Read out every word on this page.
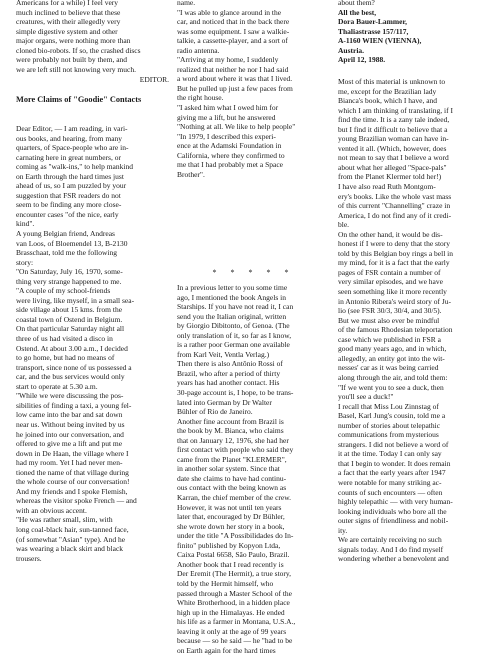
Americans for a while) I feel very
much inclined to believe that these
creatures, with their allegedly very
simple digestive system and other
major organs, were nothing more than
cloned bio-robots. If so, the crashed discs
were probably not built by them, and
we are left still not knowing very much.
EDITOR.
More Claims of "Goodie" Contacts
Dear Editor, — I am reading, in vari-
ous books, and hearing, from many
quarters, of Space-people who are in-
carnating here in great numbers, or
coming as "walk-ins," to help mankind
on Earth through the hard times just
ahead of us, so I am puzzled by your
suggestion that FSR readers do not
seem to be finding any more close-
encounter cases "of the nice, early
kind".
A young Belgian friend, Andreas
van Loos, of Bloemendel 13, B-2130
Brasschaat, told me the following
story:
"On Saturday, July 16, 1970, some-
thing very strange happened to me.
"A couple of my school-friends
were living, like myself, in a small sea-
side village about 15 kms. from the
coastal town of Ostend in Belgium.
On that particular Saturday night all
three of us had visited a disco in
Ostend. At about 3.00 a.m., I decided
to go home, but had no means of
transport, since none of us possessed a
car, and the bus services would only
start to operate at 5.30 a.m.
"While we were discussing the pos-
sibilities of finding a taxi, a young fel-
low came into the bar and sat down
near us. Without being invited by us
he joined into our conversation, and
offered to give me a lift and put me
down in De Haan, the village where I
had my room. Yet I had never men-
tioned the name of that village during
the whole course of our conversation!
And my friends and I spoke Flemish,
whereas the visitor spoke French — and
with an obvious accent.
"He was rather small, slim, with
long coal-black hair, sun-tanned face,
(of somewhat "Asian" type). And he
was wearing a black skirt and black
trousers.
name.
"I was able to glance around in the
car, and noticed that in the back there
was some equipment. I saw a walkie-
talkie, a cassette-player, and a sort of
radio antenna.
"Arriving at my home, I suddenly
realized that neither he nor I had said
a word about where it was that I lived.
But he pulled up just a few paces from
the right house.
"I asked him what I owed him for
giving me a lift, but he answered
"Nothing at all. We like to help people"
"In 1979, I described this experi-
ence at the Adamski Foundation in
California, where they confirmed to
me that I had probably met a Space
Brother".
* * * * *
In a previous letter to you some time
ago, I mentioned the book Angels in
Starships. If you have not read it, I can
send you the Italian original, written
by Giorgio Dibitonto, of Genoa. (The
only translation of it, so far as I know,
is a rather poor German one available
from Karl Veit, Ventla Verlag.)
Then there is also Antônio Rossi of
Brazil, who after a period of thirty
years has had another contact. His
30-page account is, I hope, to be trans-
lated into German by Dr Walter
Bühler of Rio de Janeiro.
Another fine account from Brazil is
the book by M. Bianca, who claims
that on January 12, 1976, she had her
first contact with people who said they
came from the Planet "KLERMER",
in another solar system. Since that
date she claims to have had continu-
ous contact with the being known as
Karran, the chief member of the crew.
However, it was not until ten years
later that, encouraged by Dr Bühler,
she wrote down her story in a book,
under the title "A Possibilidades do In-
finito" published by Kopyon Ltda,
Caixa Postal 6658, São Paulo, Brazil.
Another book that I read recently is
Der Eremit (The Hermit), a true story,
told by the Hermit himself, who
passed through a Master School of the
White Brotherhood, in a hidden place
high up in the Himalayas. He ended
his life as a farmer in Montana, U.S.A.,
leaving it only at the age of 99 years
because — so he said — he "had to be
on Earth again for the hard times
about them?
All the best,
Dora Bauer-Lammer,
Thaliastrasse 157/117,
A-1160 WIEN (VIENNA),
Austria.
April 12, 1988.
Most of this material is unknown to
me, except for the Brazilian lady
Bianca's book, which I have, and
which I am thinking of translating, if I
find the time. It is a zany tale indeed,
but I find it difficult to believe that a
young Brazilian woman can have in-
vented it all. (Which, however, does
not mean to say that I believe a word
about what her alleged "Space-pals"
from the Planet Klermer told her!)
I have also read Ruth Montgom-
ery's books. Like the whole vast mass
of this current "Channelling" craze in
America, I do not find any of it credi-
ble.
On the other hand, it would be dis-
honest if I were to deny that the story
told by this Belgian boy rings a bell in
my mind, for it is a fact that the early
pages of FSR contain a number of
very similar episodes, and we have
seen something like it more recently
in Antonio Ribera's weird story of Ju-
lio (see FSR 30/3, 30/4, and 30/5).
But we must also ever be mindful
of the famous Rhodesian teleportation
case which we published in FSR a
good many years ago, and in which,
allegedly, an entity got into the wit-
nesses' car as it was being carried
along through the air, and told them:
"If we went you to see a duck, then
you'll see a duck!"
I recall that Miss Lou Zinnstag of
Basel, Karl Jung's cousin, told me a
number of stories about telepathic
communications from mysterious
strangers. I did not believe a word of
it at the time. Today I can only say
that I begin to wonder. It does remain
a fact that the early years after 1947
were notable for many striking ac-
counts of such encounters — often
highly telepathic — with very human-
looking individuals who bore all the
outer signs of friendliness and nobil-
ity.
We are certainly receiving no such
signals today. And I do find myself
wondering whether a benevolent and
